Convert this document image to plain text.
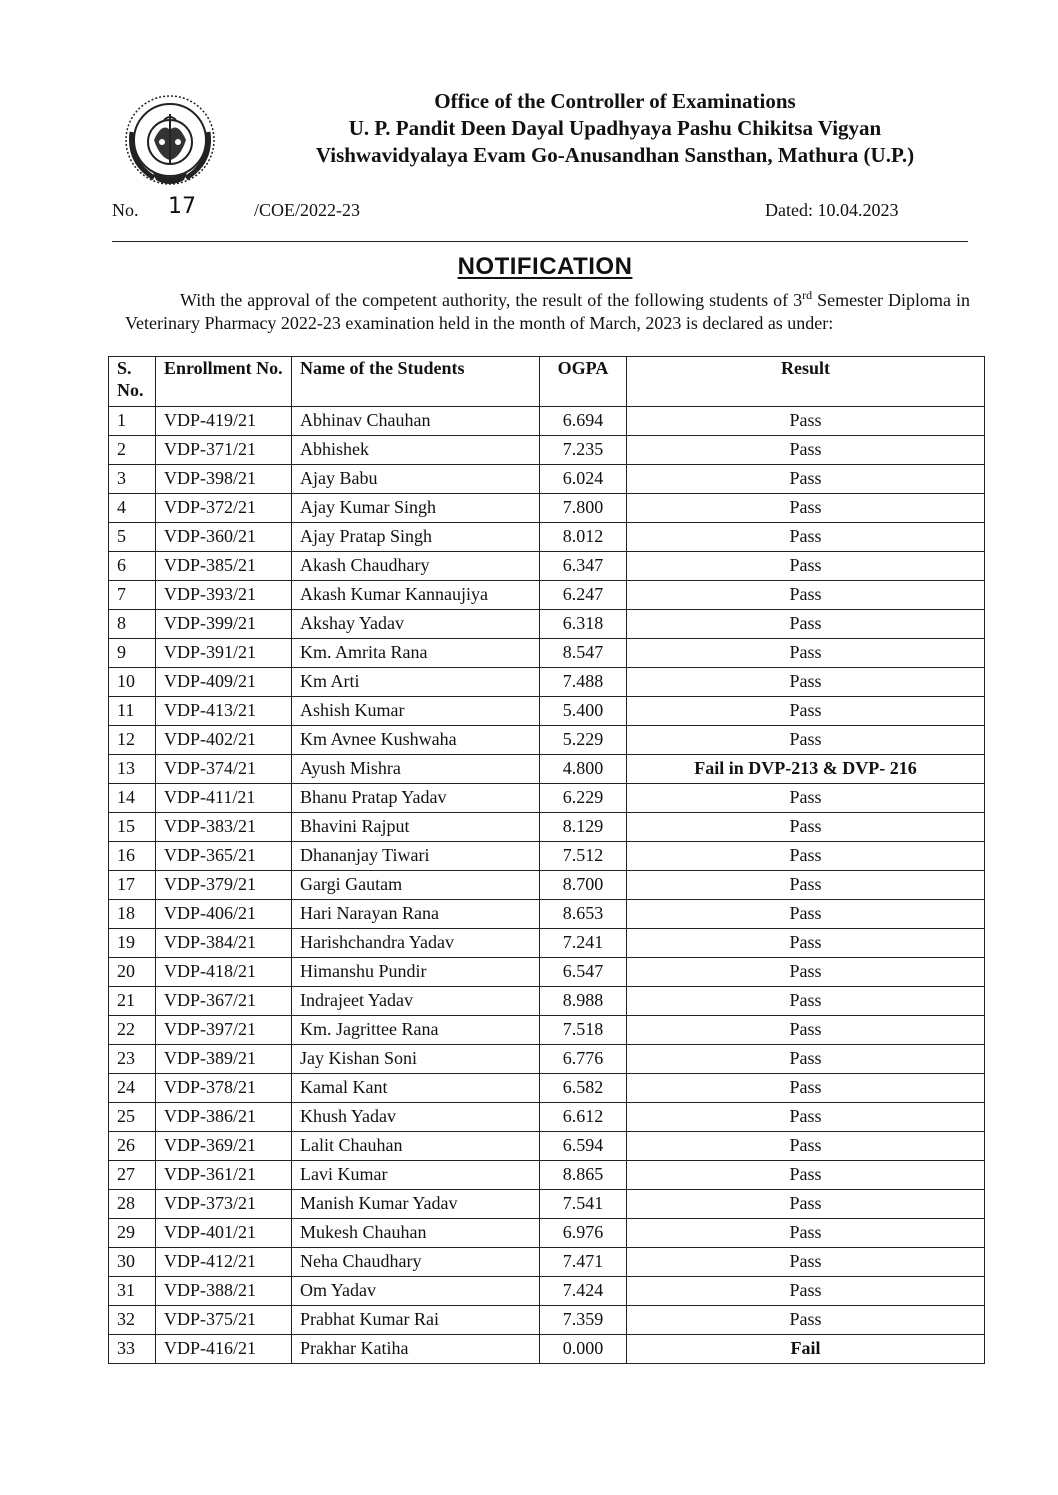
Office of the Controller of Examinations
U. P. Pandit Deen Dayal Upadhyaya Pashu Chikitsa Vigyan
Vishwavidyalaya Evam Go-Anusandhan Sansthan, Mathura (U.P.)
No. 17	/COE/2022-23	Dated: 10.04.2023
NOTIFICATION

With the approval of the competent authority, the result of the following students of 3rd Semester Diploma in Veterinary Pharmacy 2022-23 examination held in the month of March, 2023 is declared as under:

S. No.	Enrollment No.	Name of the Students	OGPA	Result
1	VDP-419/21	Abhinav Chauhan	6.694	Pass
2	VDP-371/21	Abhishek	7.235	Pass
3	VDP-398/21	Ajay Babu	6.024	Pass
4	VDP-372/21	Ajay Kumar Singh	7.800	Pass
5	VDP-360/21	Ajay Pratap Singh	8.012	Pass
6	VDP-385/21	Akash Chaudhary	6.347	Pass
7	VDP-393/21	Akash Kumar Kannaujiya	6.247	Pass
8	VDP-399/21	Akshay Yadav	6.318	Pass
9	VDP-391/21	Km. Amrita Rana	8.547	Pass
10	VDP-409/21	Km Arti	7.488	Pass
11	VDP-413/21	Ashish Kumar	5.400	Pass
12	VDP-402/21	Km Avnee Kushwaha	5.229	Pass
13	VDP-374/21	Ayush Mishra	4.800	Fail in DVP-213 & DVP- 216
14	VDP-411/21	Bhanu Pratap Yadav	6.229	Pass
15	VDP-383/21	Bhavini Rajput	8.129	Pass
16	VDP-365/21	Dhananjay Tiwari	7.512	Pass
17	VDP-379/21	Gargi Gautam	8.700	Pass
18	VDP-406/21	Hari Narayan Rana	8.653	Pass
19	VDP-384/21	Harishchandra Yadav	7.241	Pass
20	VDP-418/21	Himanshu Pundir	6.547	Pass
21	VDP-367/21	Indrajeet Yadav	8.988	Pass
22	VDP-397/21	Km. Jagrittee Rana	7.518	Pass
23	VDP-389/21	Jay Kishan Soni	6.776	Pass
24	VDP-378/21	Kamal Kant	6.582	Pass
25	VDP-386/21	Khush Yadav	6.612	Pass
26	VDP-369/21	Lalit Chauhan	6.594	Pass
27	VDP-361/21	Lavi Kumar	8.865	Pass
28	VDP-373/21	Manish Kumar Yadav	7.541	Pass
29	VDP-401/21	Mukesh Chauhan	6.976	Pass
30	VDP-412/21	Neha Chaudhary	7.471	Pass
31	VDP-388/21	Om Yadav	7.424	Pass
32	VDP-375/21	Prabhat Kumar Rai	7.359	Pass
33	VDP-416/21	Prakhar Katiha	0.000	Fail
